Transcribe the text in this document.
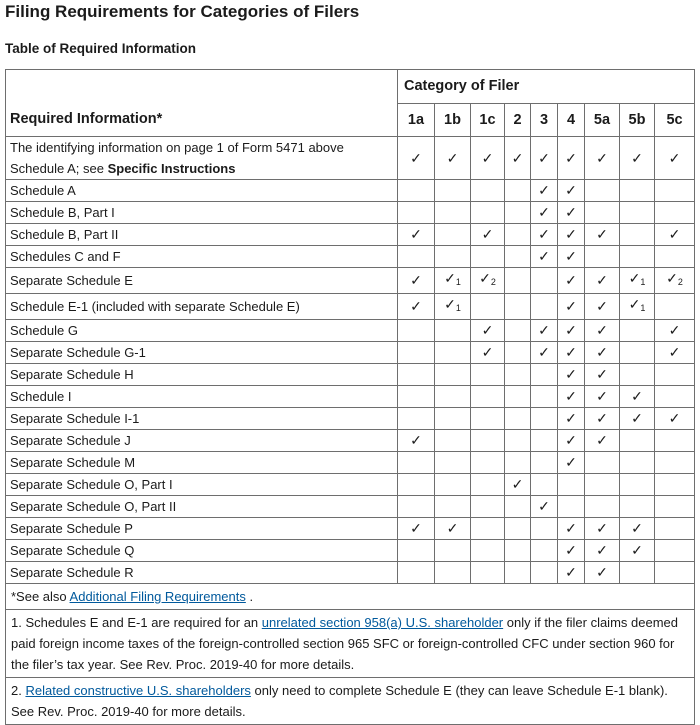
Filing Requirements for Categories of Filers
Table of Required Information
Required Information*	Category of Filer								
	1a	1b	1c	2	3	4	5a	5b	5c
The identifying information on page 1 of Form 5471 above Schedule A; see Specific Instructions	✓	✓	✓	✓	✓	✓	✓	✓	✓
Schedule A					✓	✓			
Schedule B, Part I					✓	✓			
Schedule B, Part II	✓		✓		✓	✓	✓		✓
Schedules C and F					✓	✓			
Separate Schedule E	✓	$✓_1$	$✓_2$			✓	✓	$✓_1$	$✓_2$
Schedule E-1 (included with separate Schedule E)	✓	$✓_1$				✓	✓	$✓_1$	
Schedule G			✓		✓	✓	✓		✓
Separate Schedule G-1			✓		✓	✓	✓		✓
Separate Schedule H						✓	✓		
Schedule I						✓	✓	✓	
Separate Schedule I-1						✓	✓	✓	✓
Separate Schedule J	✓					✓	✓		
Separate Schedule M						✓			
Separate Schedule O, Part I				✓					
Separate Schedule O, Part II					✓				
Separate Schedule P	✓	✓				✓	✓	✓	
Separate Schedule Q						✓	✓	✓	
Separate Schedule R						✓	✓		
*See also Additional Filing Requirements .									
1. Schedules E and E-1 are required for an unrelated section 958(a) U.S. shareholder only if the filer claims deemed paid foreign income taxes of the foreign-controlled section 965 SFC or foreign-controlled CFC under section 960 for the filer’s tax year. See Rev. Proc. 2019-40 for more details.									
2. Related constructive U.S. shareholders only need to complete Schedule E (they can leave Schedule E-1 blank). See Rev. Proc. 2019-40 for more details.									
